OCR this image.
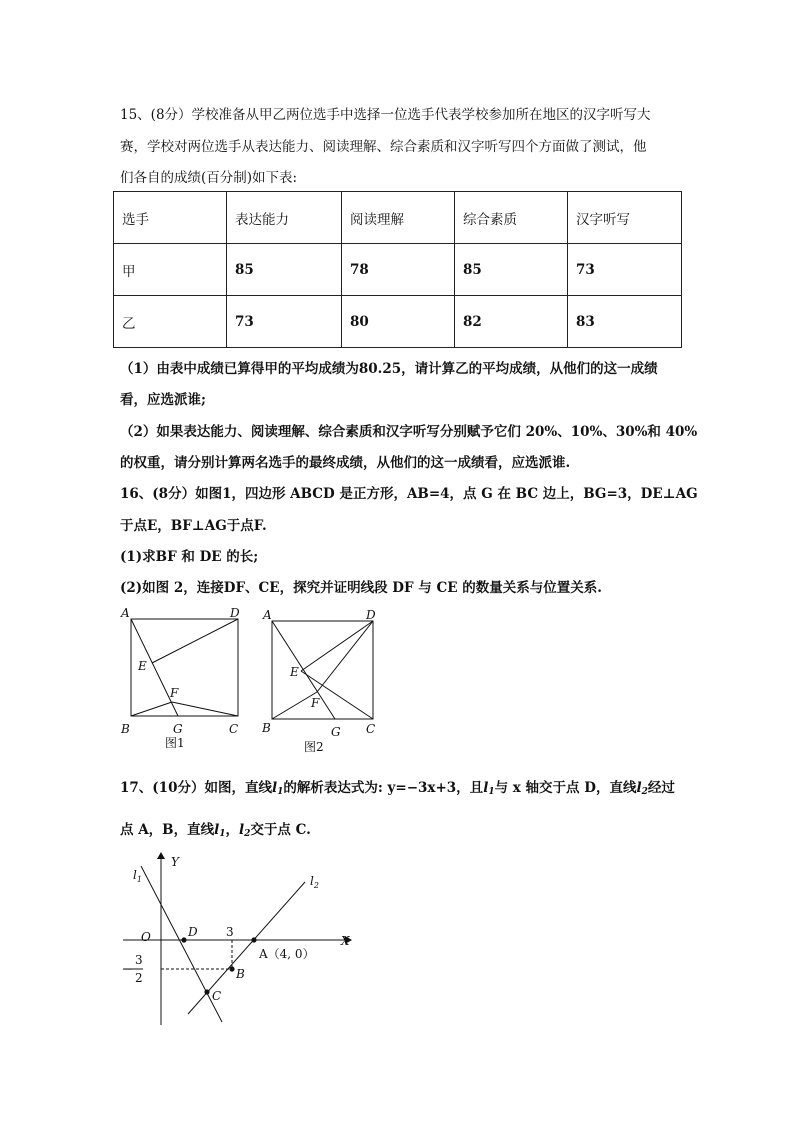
15、(8分）学校准备从甲乙两位选手中选择一位选手代表学校参加所在地区的汉字听写大
赛，学校对两位选手从表达能力、阅读理解、综合素质和汉字听写四个方面做了测试，他
们各自的成绩(百分制)如下表:
选手	表达能力	阅读理解	综合素质	汉字听写
甲	85	78	85	73
乙	73	80	82	83
（1）由表中成绩已算得甲的平均成绩为80.25，请计算乙的平均成绩，从他们的这一成绩
看，应选派谁;
（2）如果表达能力、阅读理解、综合素质和汉字听写分别赋予它们 20%、10%、30%和 40%
的权重，请分别计算两名选手的最终成绩，从他们的这一成绩看，应选派谁.
16、(8分）如图1，四边形 ABCD 是正方形，AB=4，点 G 在 BC 边上，BG=3，DE⊥AG
于点E，BF⊥AG于点F.
(1)求BF 和 DE 的长;
(2)如图 2，连接DF、CE，探究并证明线段 DF 与 CE 的数量关系与位置关系.
A	D
E
F
B	G	C
图1
A	D
E
F
B	G C
图2
17、(10分）如图，直线$l_1$的解析表达式为: y=−3x+3，且$l_1$与 x 轴交于点 D，直线$l_2$经过
点 A，B，直线$l_1$，$l_2$交于点 C.
Y
X
O
$l_1$	$l_2$
D 3
A（4, 0）
B
C
−
3
2
